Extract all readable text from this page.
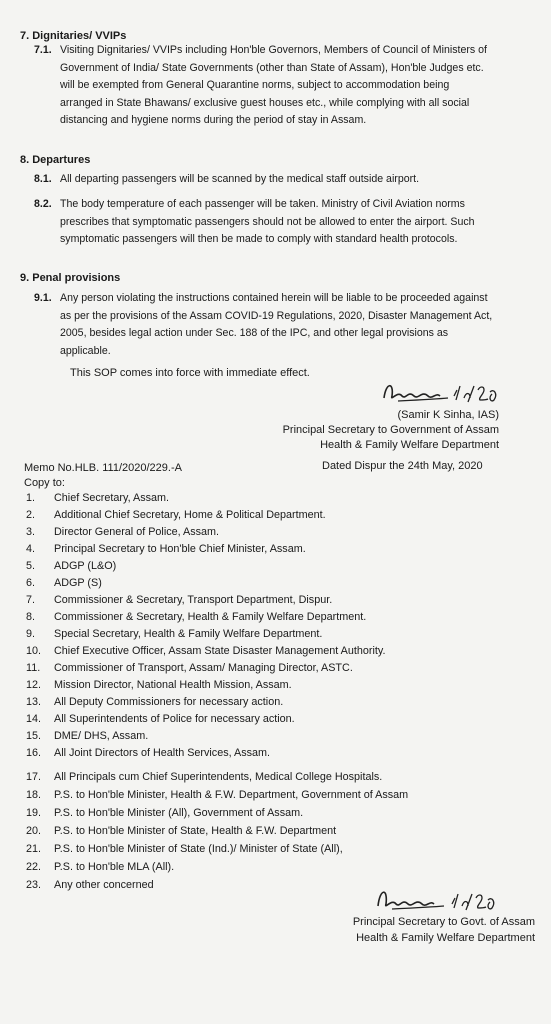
7. Dignitaries/ VVIPs
7.1. Visiting Dignitaries/ VVIPs including Hon'ble Governors, Members of Council of Ministers of Government of India/ State Governments (other than State of Assam), Hon'ble Judges etc. will be exempted from General Quarantine norms, subject to accommodation being arranged in State Bhawans/ exclusive guest houses etc., while complying with all social distancing and hygiene norms during the period of stay in Assam.
8. Departures
8.1. All departing passengers will be scanned by the medical staff outside airport.
8.2. The body temperature of each passenger will be taken. Ministry of Civil Aviation norms prescribes that symptomatic passengers should not be allowed to enter the airport. Such symptomatic passengers will then be made to comply with standard health protocols.
9. Penal provisions
9.1. Any person violating the instructions contained herein will be liable to be proceeded against as per the provisions of the Assam COVID-19 Regulations, 2020, Disaster Management Act, 2005, besides legal action under Sec. 188 of the IPC, and other legal provisions as applicable.
This SOP comes into force with immediate effect.
(Samir K Sinha, IAS)
Principal Secretary to Government of Assam
Health & Family Welfare Department
Memo No.HLB. 111/2020/229.-A	Dated Dispur the 24th May, 2020
Copy to:
1. Chief Secretary, Assam.
2. Additional Chief Secretary, Home & Political Department.
3. Director General of Police, Assam.
4. Principal Secretary to Hon'ble Chief Minister, Assam.
5. ADGP (L&O)
6. ADGP (S)
7. Commissioner & Secretary, Transport Department, Dispur.
8. Commissioner & Secretary, Health & Family Welfare Department.
9. Special Secretary, Health & Family Welfare Department.
10. Chief Executive Officer, Assam State Disaster Management Authority.
11. Commissioner of Transport, Assam/ Managing Director, ASTC.
12. Mission Director, National Health Mission, Assam.
13. All Deputy Commissioners for necessary action.
14. All Superintendents of Police for necessary action.
15. DME/ DHS, Assam.
16. All Joint Directors of Health Services, Assam.
17. All Principals cum Chief Superintendents, Medical College Hospitals.
18. P.S. to Hon'ble Minister, Health & F.W. Department, Government of Assam
19. P.S. to Hon'ble Minister (All), Government of Assam.
20. P.S. to Hon'ble Minister of State, Health & F.W. Department
21. P.S. to Hon'ble Minister of State (Ind.)/ Minister of State (All),
22. P.S. to Hon'ble MLA (All).
23. Any other concerned
Principal Secretary to Govt. of Assam
Health & Family Welfare Department
